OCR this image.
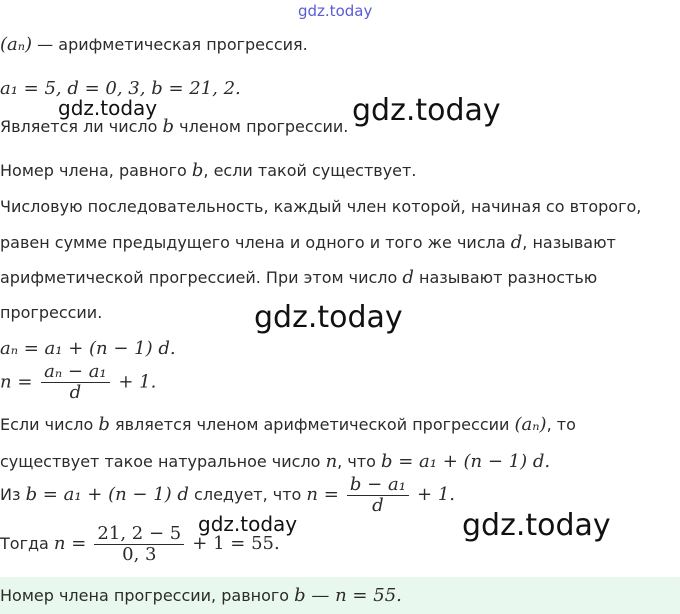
gdz.today
gdz.today	gdz.today
gdz.today
gdz.today	gdz.today
(aₙ) — арифметическая прогрессия.
a₁ = 5, d = 0, 3, b = 21, 2.
Является ли число b членом прогрессии.
Номер члена, равного b, если такой существует.
Числовую последовательность, каждый член которой, начиная со второго,
равен сумме предыдущего члена и одного и того же числа d, называют
арифметической прогрессией. При этом число d называют разностью
прогрессии.
aₙ = a₁ + (n − 1) d.
$n = \frac{\text{aₙ − a₁}}{d} + 1$.
Если число b является членом арифметической прогрессии (aₙ), то
существует такое натуральное число n, что b = a₁ + (n − 1) d.
Из b = a₁ + (n − 1) d следует, что $n = \frac{\text{b − a₁}}{d} + 1$.
Тогда $n = \frac{21, 2 - 5}{0, 3} + 1 = 55$.
Номер члена прогрессии, равного b — n = 55.
